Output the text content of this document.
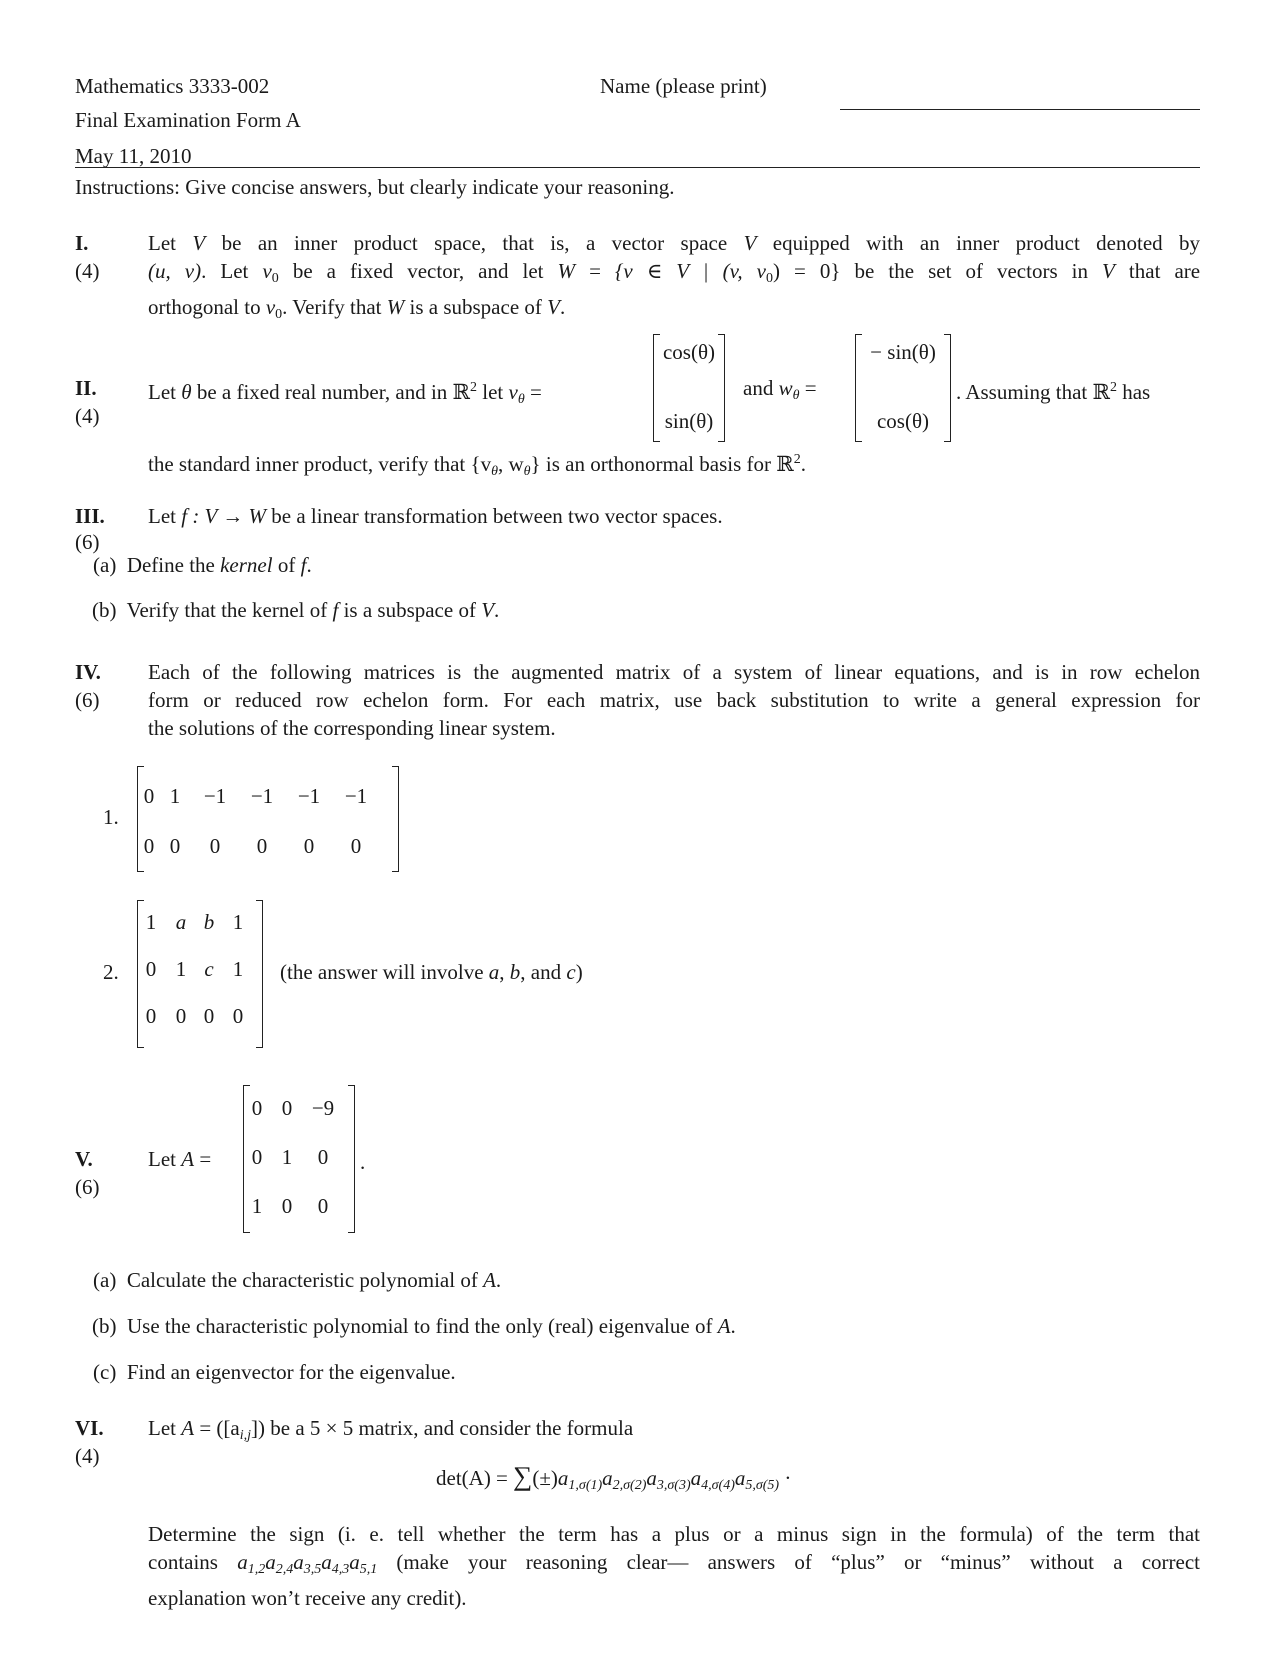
Mathematics 3333-002	Name (please print)
Final Examination Form A
May 11, 2010
Instructions: Give concise answers, but clearly indicate your reasoning.
I.
(4)
Let V be an inner product space, that is, a vector space V equipped with an inner product denoted by
(u, v). Let $v_0$ be a fixed vector, and let W = {v ∈ V | (v, $v_0) = 0$} be the set of vectors in V that are
orthogonal to $v_0$. Verify that W is a subspace of V.
II.
(4)
Let θ be a fixed real number, and in ℝ$^2$ let $v_\theta$ =
cos(θ)
sin(θ)
and $w_\theta$ =
− sin(θ)
cos(θ)
. Assuming that ℝ$^2$ has
the standard inner product, verify that {$v_\theta$, $w_\theta$} is an orthonormal basis for ℝ$^2$.
III.
(6)
Let f : V → W be a linear transformation between two vector spaces.
(a) Define the kernel of f.
(b) Verify that the kernel of f is a subspace of V.
IV.
(6)
Each of the following matrices is the augmented matrix of a system of linear equations, and is in row echelon
form or reduced row echelon form. For each matrix, use back substitution to write a general expression for
the solutions of the corresponding linear system.
1.
0 1	−1	−1	−1	−1
0 0	0	0	0	0
2.
1 a b 1
0 1 c 1
0 0 0 0
(the answer will involve a, b, and c)
V.
(6)
Let A =
0 0 −9
0 1	0
1 0	0
.
(a) Calculate the characteristic polynomial of A.
(b) Use the characteristic polynomial to find the only (real) eigenvalue of A.
(c) Find an eigenvector for the eigenvalue.
VI.
(4)
Let $A = ([a_{i,j}])$ be a 5 × 5 matrix, and consider the formula
$\det(A) = \sum(\pm)a_{1,\sigma(1)}a_{2,\sigma(2)}a_{3,\sigma(3)}a_{4,\sigma(4)}a_{5,\sigma(5)}$ ·
Determine the sign (i. e. tell whether the term has a plus or a minus sign in the formula) of the term that
contains $a_{1,2}a_{2,4}a_{3,5}a_{4,3}a_{5,1}$ (make your reasoning clear— answers of “plus” or “minus” without a correct
explanation won’t receive any credit).
